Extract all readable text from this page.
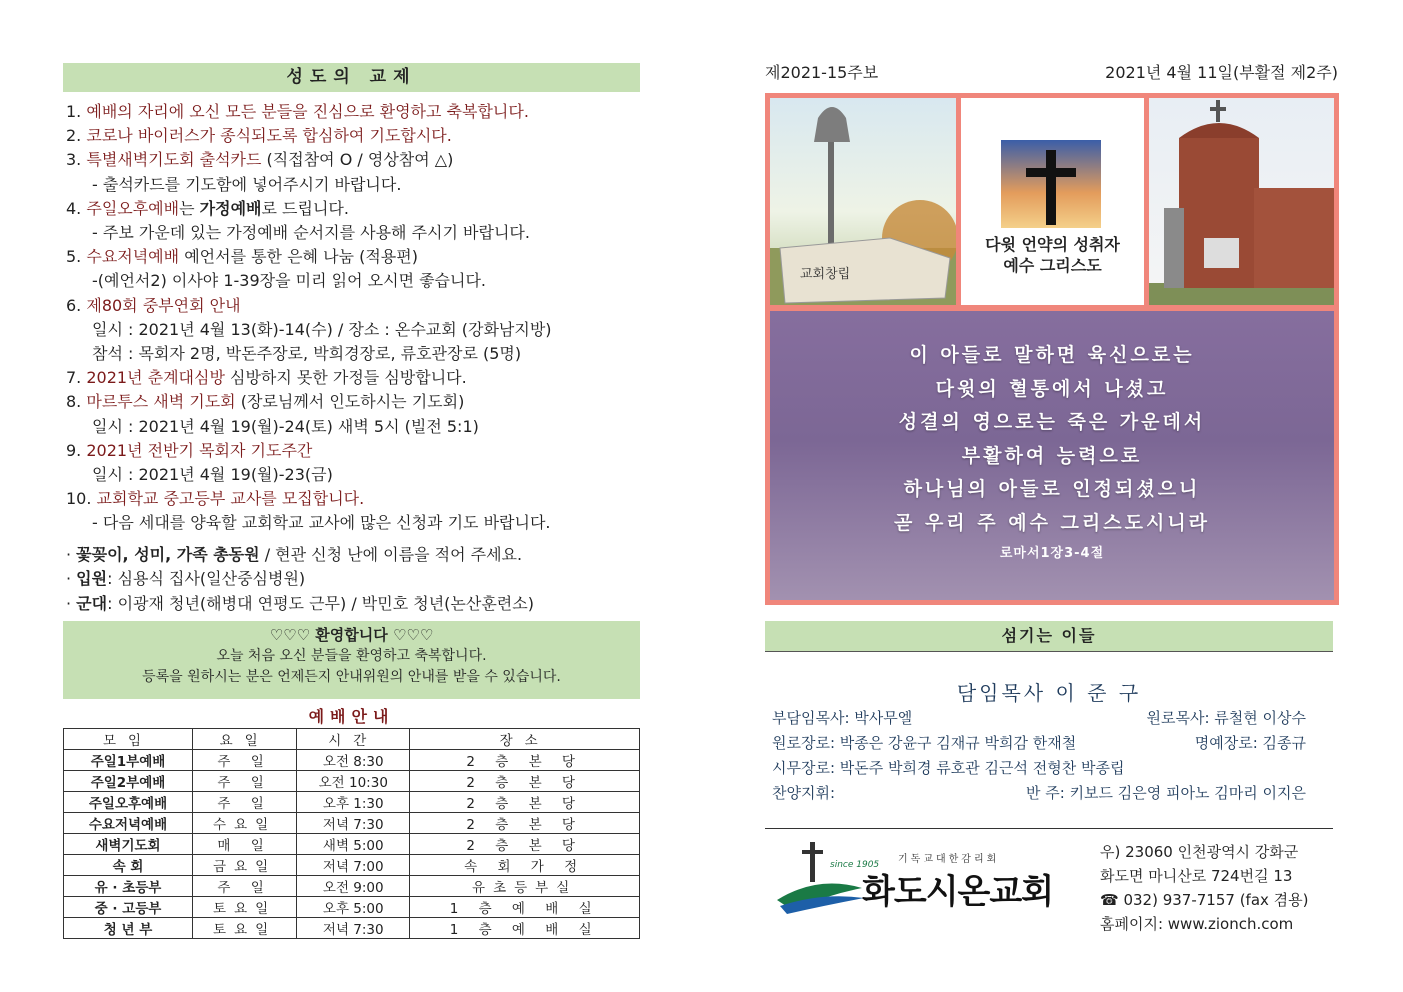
성도의 교제
1. 예배의 자리에 오신 모든 분들을 진심으로 환영하고 축복합니다.
2. 코로나 바이러스가 종식되도록 합심하여 기도합시다.
3. 특별새벽기도회 출석카드 (직접참여 O / 영상참여 △)
- 출석카드를 기도함에 넣어주시기 바랍니다.
4. 주일오후예배는 가정예배로 드립니다.
- 주보 가운데 있는 가정예배 순서지를 사용해 주시기 바랍니다.
5. 수요저녁예배 예언서를 통한 은혜 나눔 (적용편)
-(예언서2) 이사야 1-39장을 미리 읽어 오시면 좋습니다.
6. 제80회 중부연회 안내
일시 : 2021년 4월 13(화)-14(수) / 장소 : 온수교회 (강화남지방)
참석 : 목회자 2명, 박돈주장로, 박희경장로, 류호관장로 (5명)
7. 2021년 춘계대심방 심방하지 못한 가정들 심방합니다.
8. 마르투스 새벽 기도회 (장로님께서 인도하시는 기도회)
일시 : 2021년 4월 19(월)-24(토) 새벽 5시 (빌전 5:1)
9. 2021년 전반기 목회자 기도주간
일시 : 2021년 4월 19(월)-23(금)
10. 교회학교 중고등부 교사를 모집합니다.
- 다음 세대를 양육할 교회학교 교사에 많은 신청과 기도 바랍니다.
· 꽃꽂이, 성미, 가족 총동원 / 현관 신청 난에 이름을 적어 주세요.
· 입원: 심용식 집사(일산중심병원)
· 군대: 이광재 청년(해병대 연평도 근무) / 박민호 청년(논산훈련소)
♡♡♡ 환영합니다 ♡♡♡
오늘 처음 오신 분들을 환영하고 축복합니다.
등록을 원하시는 분은 언제든지 안내위원의 안내를 받을 수 있습니다.
예배안내
모임	요일	시간	장소
주일1부예배	주 일	오전 8:30	2 층 본 당
주일2부예배	주 일	오전 10:30	2 층 본 당
주일오후예배	주 일	오후 1:30	2 층 본 당
수요저녁예배	수요일	저녁 7:30	2 층 본 당
새벽기도회	매 일	새벽 5:00	2 층 본 당
속 회	금요일	저녁 7:00	속 회 가 정
유 · 초등부	주 일	오전 9:00	유초등부실
중 · 고등부	토요일	오후 5:00	1 층 예 배 실
청 년 부	토요일	저녁 7:30	1 층 예 배 실
제2021-15주보	2021년 4월 11일(부활절 제2주)
교회창립
다윗 언약의 성취자
예수 그리스도
이 아들로 말하면 육신으로는
다윗의 혈통에서 나셨고
성결의 영으로는 죽은 가운데서
부활하여 능력으로
하나님의 아들로 인정되셨으니
곧 우리 주 예수 그리스도시니라
로마서1장3-4절
섬기는 이들
담임목사 이 준 구
부담임목사: 박사무엘	원로목사: 류철현 이상수
원로장로: 박종은 강윤구 김재규 박희감 한재철	명예장로: 김종규
시무장로: 박돈주 박희경 류호관 김근석 전형찬 박종립
찬양지휘:	반 주: 키보드 김은영 피아노 김마리 이지은
since 1905 기독교대한감리회
화도시온교회
우) 23060 인천광역시 강화군
화도면 마니산로 724번길 13
☎ 032) 937-7157 (fax 겸용)
홈페이지: www.zionch.com
